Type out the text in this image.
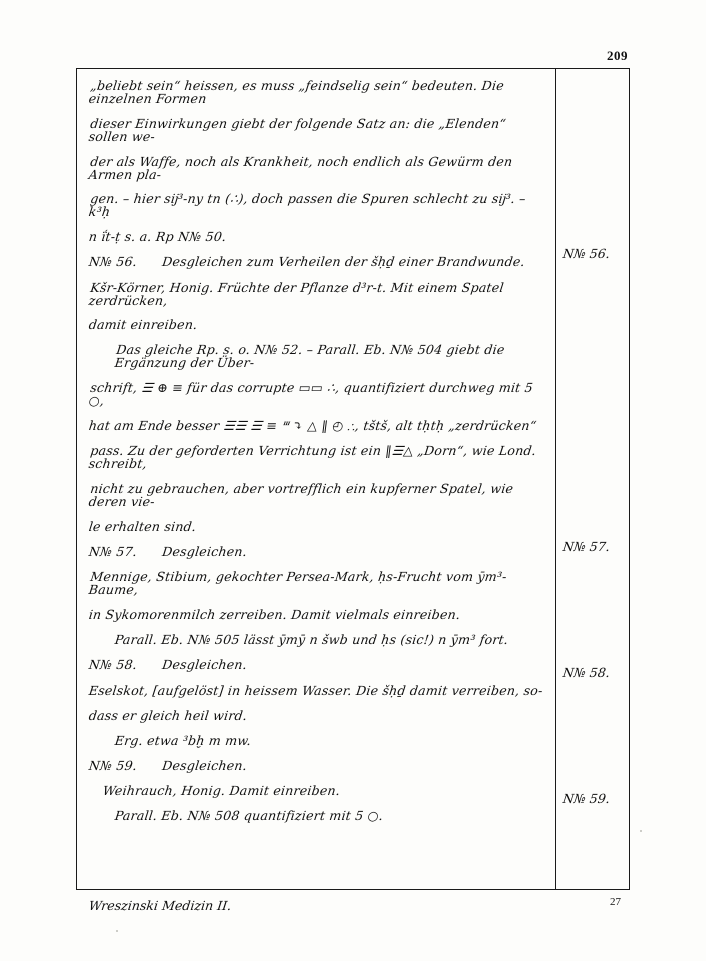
209

„beliebt sein“ heissen, es muss „feindselig sein“ bedeuten. Die einzelnen Formen

dieser Einwirkungen giebt der folgende Satz an: die „Elenden“ sollen we-

der als Waffe, noch als Krankheit, noch endlich als Gewürm den Armen pla-

gen. – hier sĳ³-ny tn (∴), doch passen die Spuren schlecht zu sĳ³. – k³ḥ

n ḯt-ṭ s. a. Rp N№ 50.

N№ 56.      Desgleichen zum Verheilen der šḥḏ einer Brandwunde.

Kšr-Körner, Honig. Früchte der Pflanze d³r-t. Mit einem Spatel zerdrücken,

damit einreiben.

Das gleiche Rp. s. o. N№ 52. – Parall. Eb. N№ 504 giebt die Ergänzung der Über-

schrift, ☰ ⊕ ≡ für das corrupte ▭▭ ∴, quantifiziert durchweg mit 5 ○,

hat am Ende besser ☰☰ ☰ ≡ ⱎ ⤵ △ ‖ ◴ ∴, tštš, alt tḥtḥ „zerdrücken“

pass. Zu der geforderten Verrichtung ist ein ‖☰△ „Dorn“, wie Lond. schreibt,

nicht zu gebrauchen, aber vortrefflich ein kupferner Spatel, wie deren vie-

le erhalten sind.

N№ 57.      Desgleichen.

Mennige, Stibium, gekochter Persea-Mark, ḥs-Frucht vom ȳm³-Baume,

in Sykomorenmilch zerreiben. Damit vielmals einreiben.

Parall. Eb. N№ 505 lässt ȳmȳ n šwb und ḥs (sic!) n ȳm³ fort.

N№ 58.      Desgleichen.

Eselskot, [aufgelöst] in heissem Wasser. Die šḥḏ damit verreiben, so-

dass er gleich heil wird.

Erg. etwa ³bḫ m mw.

N№ 59.      Desgleichen.

Weihrauch, Honig. Damit einreiben.

Parall. Eb. N№ 508 quantifiziert mit 5 ○.

N№ 56.
N№ 57.
N№ 58.
N№ 59.
Wreszinski Medizin II.	27
